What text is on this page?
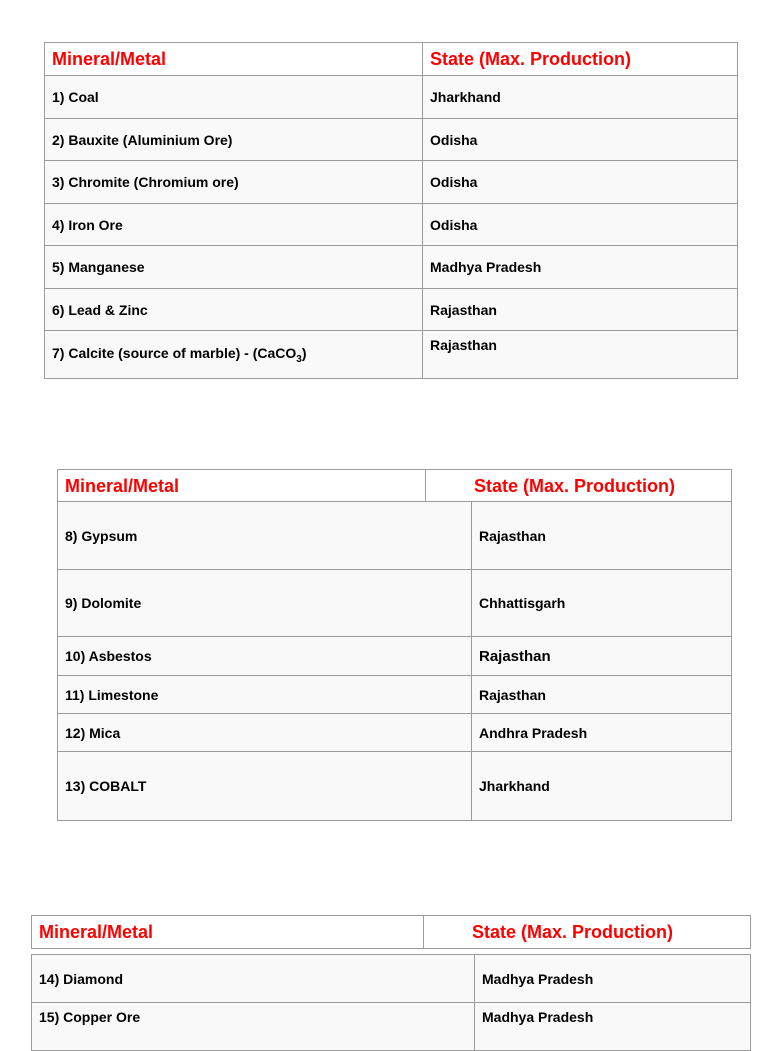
Mineral/Metal	State (Max. Production)
1) Coal	Jharkhand
2) Bauxite (Aluminium Ore)	Odisha
3) Chromite (Chromium ore)	Odisha
4) Iron Ore	Odisha
5) Manganese	Madhya Pradesh
6) Lead & Zinc	Rajasthan
7) Calcite (source of marble) - (CaCO$_3$)	Rajasthan
Mineral/Metal	State (Max. Production)
8) Gypsum	Rajasthan
9) Dolomite	Chhattisgarh
10) Asbestos	Rajasthan
11) Limestone	Rajasthan
12) Mica	Andhra Pradesh
13) COBALT	Jharkhand
Mineral/Metal	State (Max. Production)
14) Diamond	Madhya Pradesh
15) Copper Ore	Madhya Pradesh
